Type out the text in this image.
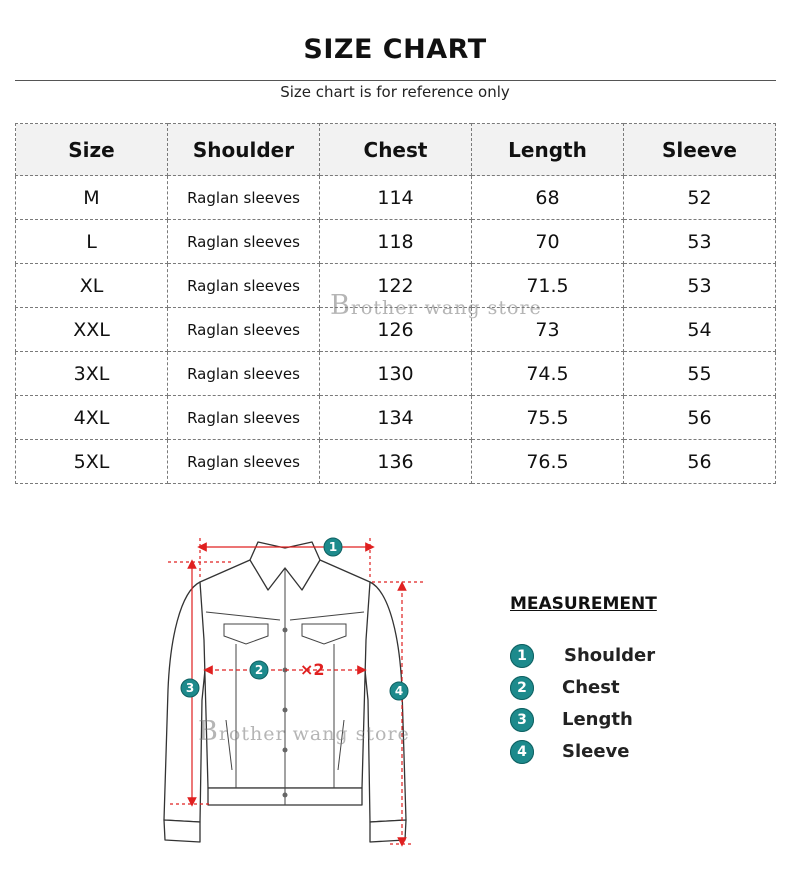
SIZE CHART
Size chart is for reference only
Size	Shoulder	Chest	Length	Sleeve
M	Raglan sleeves	114	68	52
L	Raglan sleeves	118	70	53
XL	Raglan sleeves	122	71.5	53
XXL	Raglan sleeves	126	73	54
3XL	Raglan sleeves	130	74.5	55
4XL	Raglan sleeves	134	75.5	56
5XL	Raglan sleeves	136	76.5	56
Brother wang store
×2
1
2
3	4
Brother wang store
MEASUREMENT
1	Shoulder
2	Chest
3	Length
4	Sleeve
